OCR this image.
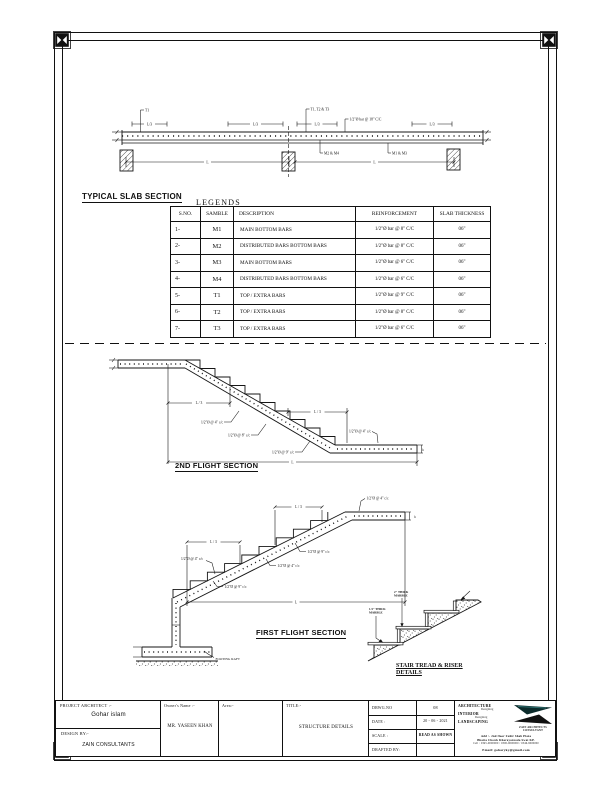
L/3	L/3	L/3	L/3
L	L
T1	T1, T2 & T3
1/2"Ø bar @ 18" C/C
M2 & M4	M1 & M3
TYPICAL SLAB SECTION
LEGENDS
S.NO.	SAMBLE	DESCRIPTION	REINFORCEMENT	SLAB THICKNESS
1-	M1	MAIN BOTTOM BARS	1/2"Ø bar @ 8" C/C	06"
2-	M2	DISTRIBUTED BARS BOTTOM BARS	1/2"Ø bar @ 8" C/C	06"
3-	M3	MAIN BOTTOM BARS	1/2"Ø bar @ 6" C/C	06"
4-	M4	DISTRIBUTED BARS BOTTOM BARS	1/2"Ø bar @ 6" C/C	06"
5-	T1	TOP / EXTRA BARS	1/2"Ø bar @ 9" C/C	06"
6-	T2	TOP / EXTRA BARS	1/2"Ø bar @ 8" C/C	06"
7-	T3	TOP / EXTRA BARS	1/2"Ø bar @ 6" C/C	06"
L / 3
L / 3
L
1/2"Ø @ 4" c/c
1/2"Ø @ 8" c/c
1/2"Ø @ 9" c/c
1/2"Ø @ 4" c/c
6"
2ND FLIGHT SECTION
L / 3
L / 3
L
1/2"Ø @ 4" c/c
1/2"Ø @ 9" c/c
1/2"Ø @ 4" c/c
1/2"Ø @ 4" c/c
1/2"Ø @ 9" c/c
FOOTING RAFT
6"
FIRST FLIGHT SECTION
2" THICK
MARBLE
1.5" THICK
MARBLE
STAIR TREAD & RISER
DETAILS
PROJECT ARCHITECT :-
Gohar islam
DESIGN BY:-
ZAIN CONSULTANTS
Owner's Name :-
MR. YASEEN KHAN
Area:-	TITLE:-
STRUCTURE DETAILS
DRWG.NO	08
DATE :	20 - 06 - 2021
SCALE :	READ AS SHOWN
DRAFTED BY:
ARCHITECTURE
Designing
INTERIOR
Designing
LANDSCAPING
ZAIN ARCHITECTS
CONSULTANT
Add :- 2nd floor Zahir Shah Plaza
Bhatta Chowk Kharayanwala Swat KP.
Cell : 0345-9000000 / 0300-9000000 / 0346-9000000
Email: goharyky@gmail.com
